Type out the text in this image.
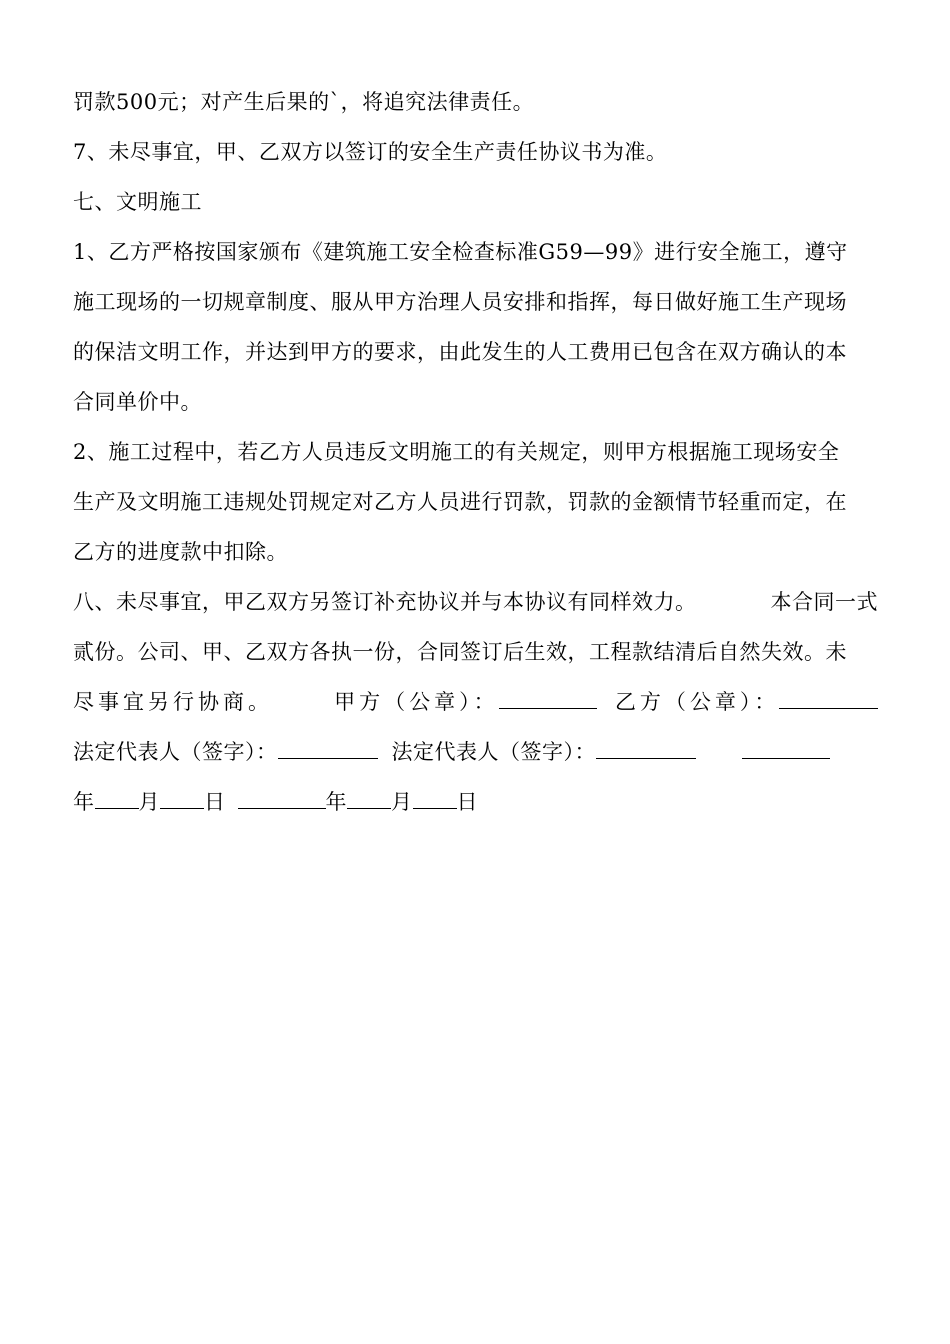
罚款500元；对产生后果的`，将追究法律责任。
7、未尽事宜，甲、乙双方以签订的安全生产责任协议书为准。
七、文明施工
1、乙方严格按国家颁布《建筑施工安全检查标准G59—99》进行安全施工，遵守
施工现场的一切规章制度、服从甲方治理人员安排和指挥，每日做好施工生产现场
的保洁文明工作，并达到甲方的要求，由此发生的人工费用已包含在双方确认的本
合同单价中。
2、施工过程中，若乙方人员违反文明施工的有关规定，则甲方根据施工现场安全
生产及文明施工违规处罚规定对乙方人员进行罚款，罚款的金额情节轻重而定，在
乙方的进度款中扣除。
八、未尽事宜，甲乙双方另签订补充协议并与本协议有同样效力。	本合同一式
贰份。公司、甲、乙双方各执一份，合同签订后生效，工程款结清后自然失效。未
尽事宜另行协商。	甲方（公章）：	乙方（公章）：
法定代表人（签字）：	法定代表人（签字）：
年 月 日	年 月 日
